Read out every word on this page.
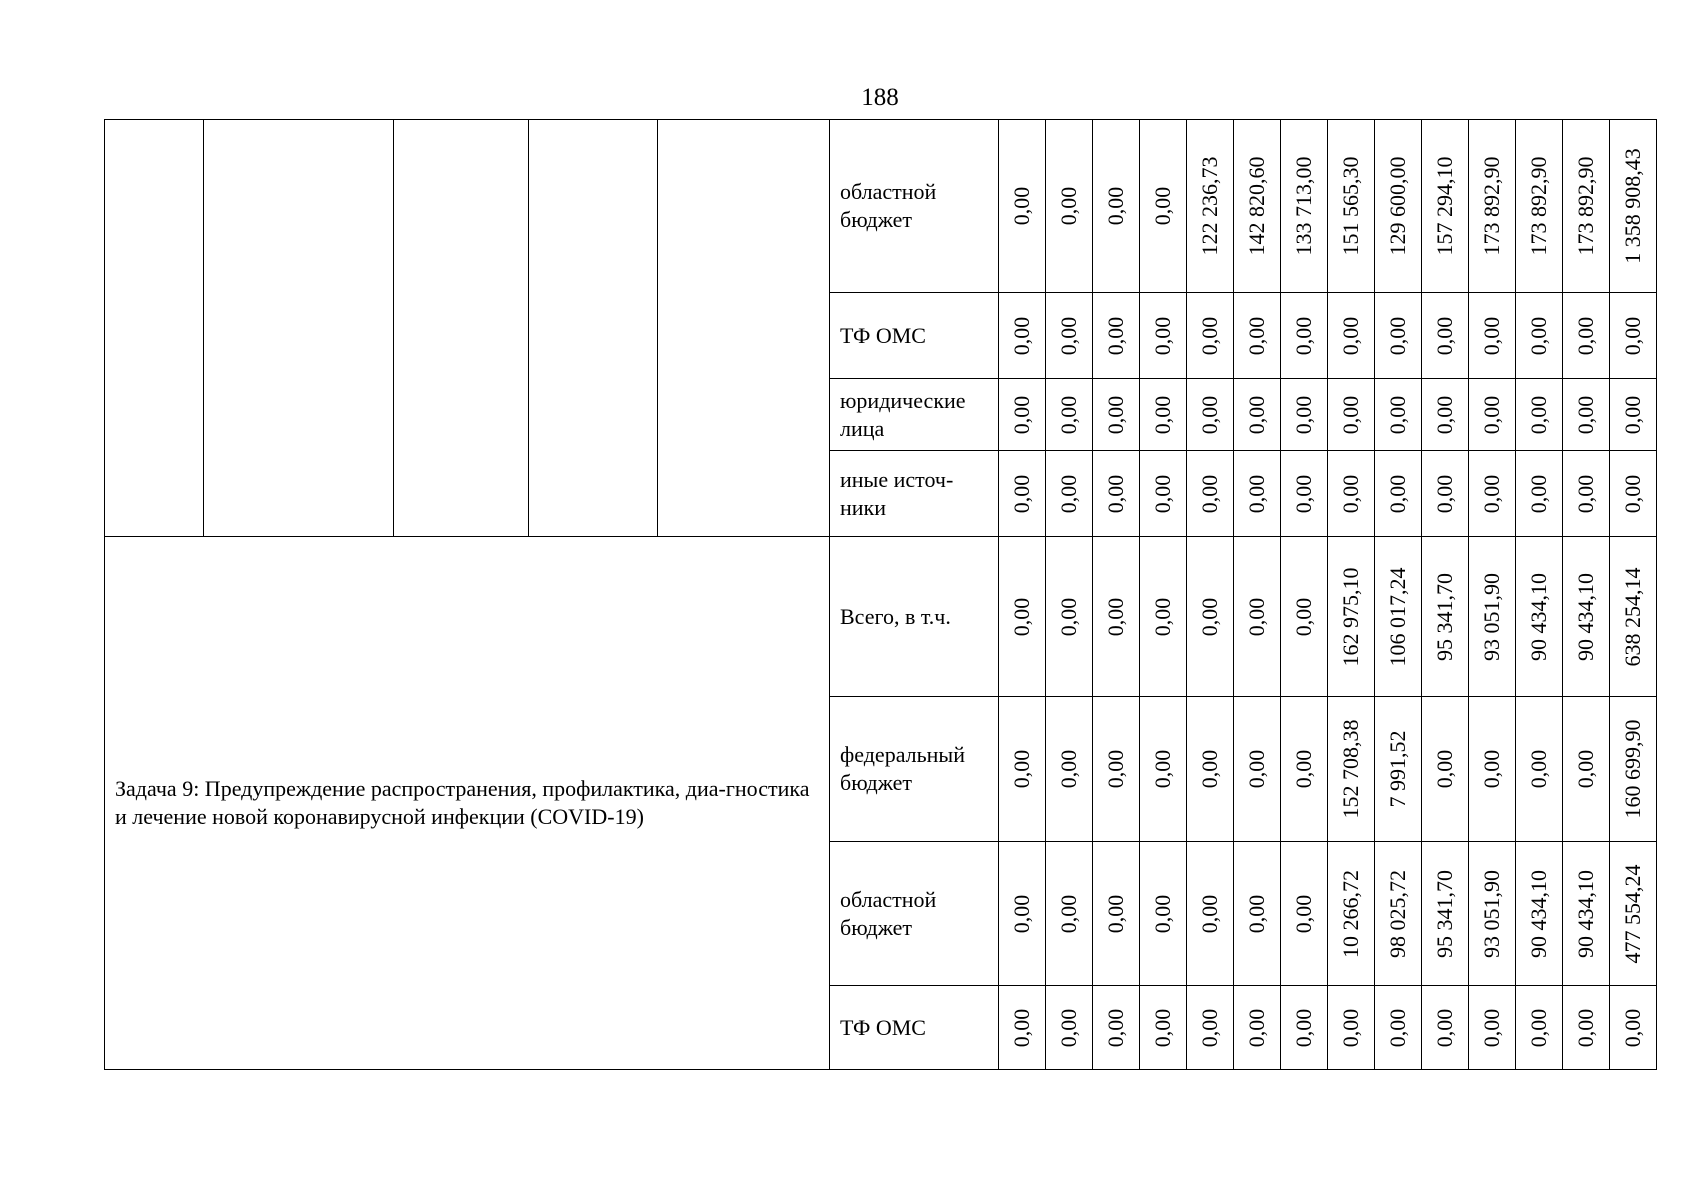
188
					областной бюджет	0,00	0,00	0,00	0,00	122 236,73	142 820,60	133 713,00	151 565,30	129 600,00	157 294,10	173 892,90	173 892,90	173 892,90	1 358 908,43

					ТФ ОМС	0,00	0,00	0,00	0,00	0,00	0,00	0,00	0,00	0,00	0,00	0,00	0,00	0,00	0,00

					юридические лица	0,00	0,00	0,00	0,00	0,00	0,00	0,00	0,00	0,00	0,00	0,00	0,00	0,00	0,00

					иные источ-ники	0,00	0,00	0,00	0,00	0,00	0,00	0,00	0,00	0,00	0,00	0,00	0,00	0,00	0,00

Задача 9: Предупреждение распространения, профилактика, диа-гностика и лечение новой коронавирусной инфекции (COVID-19)					Всего, в т.ч.	0,00	0,00	0,00	0,00	0,00	0,00	0,00	162 975,10	106 017,24	95 341,70	93 051,90	90 434,10	90 434,10	638 254,14

					федеральный бюджет	0,00	0,00	0,00	0,00	0,00	0,00	0,00	152 708,38	7 991,52	0,00	0,00	0,00	0,00	160 699,90

					областной бюджет	0,00	0,00	0,00	0,00	0,00	0,00	0,00	10 266,72	98 025,72	95 341,70	93 051,90	90 434,10	90 434,10	477 554,24

					ТФ ОМС	0,00	0,00	0,00	0,00	0,00	0,00	0,00	0,00	0,00	0,00	0,00	0,00	0,00	0,00
